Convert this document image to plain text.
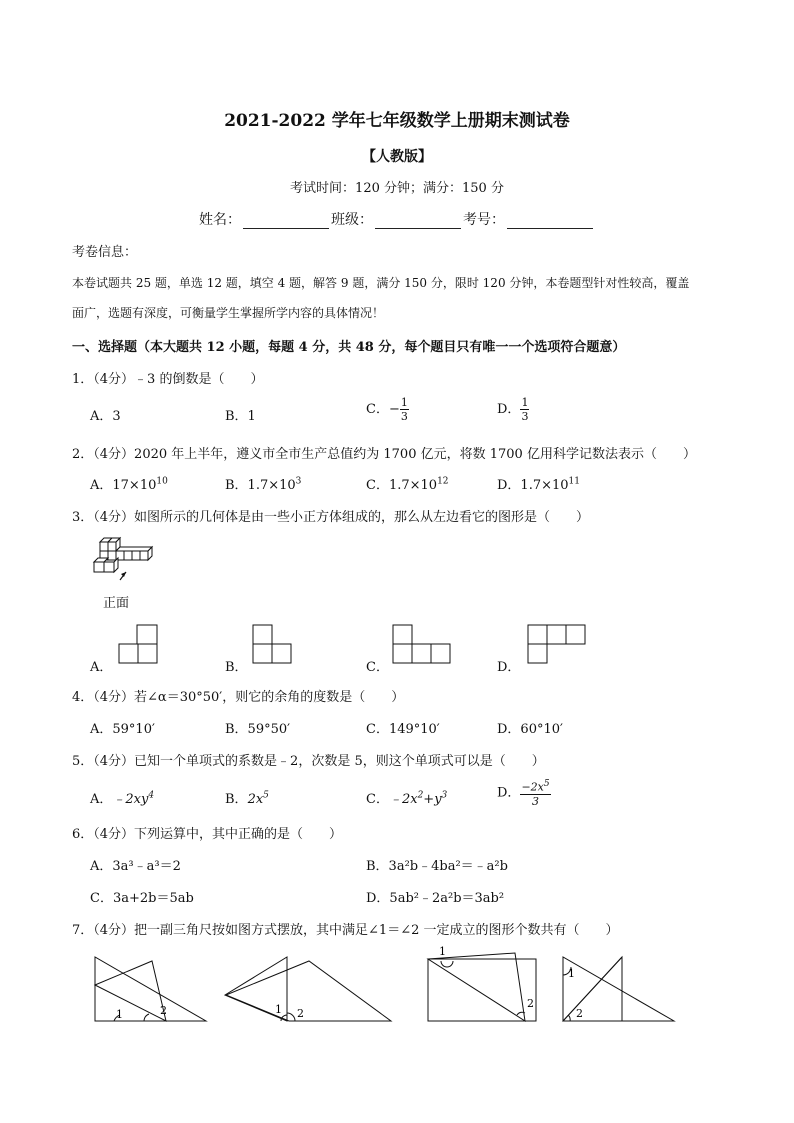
2021-2022 学年七年级数学上册期末测试卷
【人教版】
考试时间：120 分钟；满分：150 分
姓名：	班级：	考号：
考卷信息：
本卷试题共 25 题，单选 12 题，填空 4 题，解答 9 题，满分 150 分，限时 120 分钟，本卷题型针对性较高，覆盖
面广，选题有深度，可衡量学生掌握所学内容的具体情况！
一、选择题（本大题共 12 小题，每题 4 分，共 48 分，每个题目只有唯一一个选项符合题意）
1．（4分）﹣3 的倒数是（　　）
A．3	B．1	C．− $\frac{1}{3}$	D． $\frac{1}{3}$
2．（4分）2020 年上半年，遵义市全市生产总值约为 1700 亿元，将数 1700 亿用科学记数法表示（　　）
A．$17\times 10^{10}$	B．$1.7\times 10^3$	C．$1.7\times 10^{12}$	D．$1.7\times 10^{11}$
3．（4分）如图所示的几何体是由一些小正方体组成的，那么从左边看它的图形是（　　）
正面
A．	B．	C．	D．
4．（4分）若∠α＝30°50′，则它的余角的度数是（　　）
A．59°10′	B．59°50′	C．149°10′	D．60°10′
5．（4分）已知一个单项式的系数是﹣2，次数是 5，则这个单项式可以是（　　）
A．$﹣2xy^4$	B．$2x^5$	C．$﹣2x^2+y^3$	D． $\frac{-2x^5}{3}$
6．（4分）下列运算中，其中正确的是（　　）
A．3a³﹣a³＝2	B．3a²b﹣4ba²＝﹣a²b
C．3a+2b＝5ab	D．5ab²﹣2a²b＝3ab²
7．（4分）把一副三角尺按如图方式摆放，其中满足∠1＝∠2 一定成立的图形个数共有（　　）
1	2	1 2
1
2
1
2
